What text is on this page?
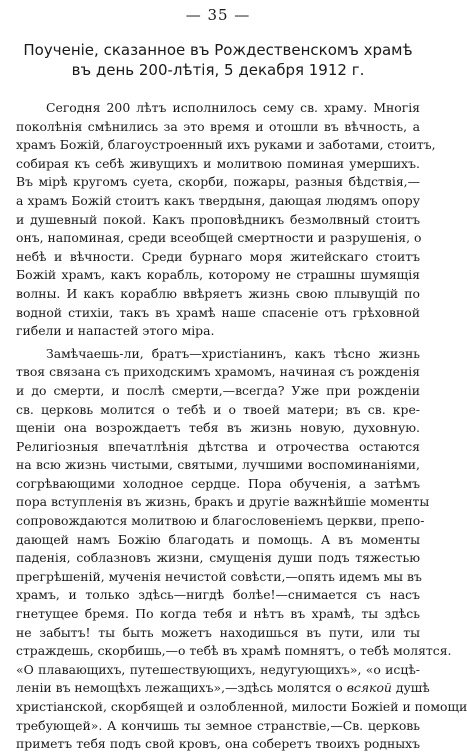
— 35 —
Поученіе, сказанное въ Рождественскомъ храмѣ
въ день 200-лѣтія, 5 декабря 1912 г.
Сегодня 200 лѣтъ исполнилось сему св. храму. Многія
поколѣнія смѣнились за это время и отошли въ вѣчность, а
храмъ Божій, благоустроенный ихъ руками и заботами, стоитъ,
собирая къ себѣ живущихъ и молитвою поминая умершихъ.
Въ мірѣ кругомъ суета, скорби, пожары, разныя бѣдствія,—
а храмъ Божій стоитъ какъ твердыня, дающая людямъ опору
и душевный покой. Какъ проповѣдникъ безмолвный стоитъ
онъ, напоминая, среди всеобщей смертности и разрушенія, о
небѣ и вѣчности. Среди бурнаго моря житейскаго стоитъ
Божій храмъ, какъ корабль, которому не страшны шумящія
волны. И какъ кораблю ввѣряетъ жизнь свою плывущій по
водной стихіи, такъ въ храмѣ наше спасеніе отъ грѣховной
гибели и напастей этого міра.
Замѣчаешь-ли, братъ—христіанинъ, какъ тѣсно жизнь
твоя связана съ приходскимъ храмомъ, начиная съ рожденія
и до смерти, и послѣ смерти,—всегда? Уже при рожденіи
св. церковь молится о тебѣ и о твоей матери; въ св. кре-
щеніи она возрождаетъ тебя въ жизнь новую, духовную.
Религіозныя впечатлѣнія дѣтства и отрочества остаются
на всю жизнь чистыми, святыми, лучшими воспоминаніями,
согрѣвающими холодное сердце. Пора обученія, а затѣмъ
пора вступленія въ жизнь, бракъ и другіе важнѣйшіе моменты
сопровождаются молитвою и благословеніемъ церкви, препо-
дающей намъ Божію благодать и помощь. А въ моменты
паденія, соблазновъ жизни, смущенія души подъ тяжестью
прегрѣшеній, мученія нечистой совѣсти,—опять идемъ мы въ
храмъ, и только здѣсь—нигдѣ болѣе!—снимается съ насъ
гнетущее бремя. По когда тебя и нѣтъ въ храмѣ, ты здѣсь
не забытъ! ты быть можетъ находишься въ пути, или ты
страждешь, скорбишь,—о тебѣ въ храмѣ помнятъ, о тебѣ молятся.
«О плавающихъ, путешествующихъ, недугующихъ», «о исцѣ-
леніи въ немощѣхъ лежащихъ»,—здѣсь молятся о всякой душѣ
христіанской, скорбящей и озлобленной, милости Божіей и помощи
требующей». А кончишь ты земное странствіе,—Св. церковь
приметъ тебя подъ свой кровъ, она соберетъ твоихъ родныхъ
